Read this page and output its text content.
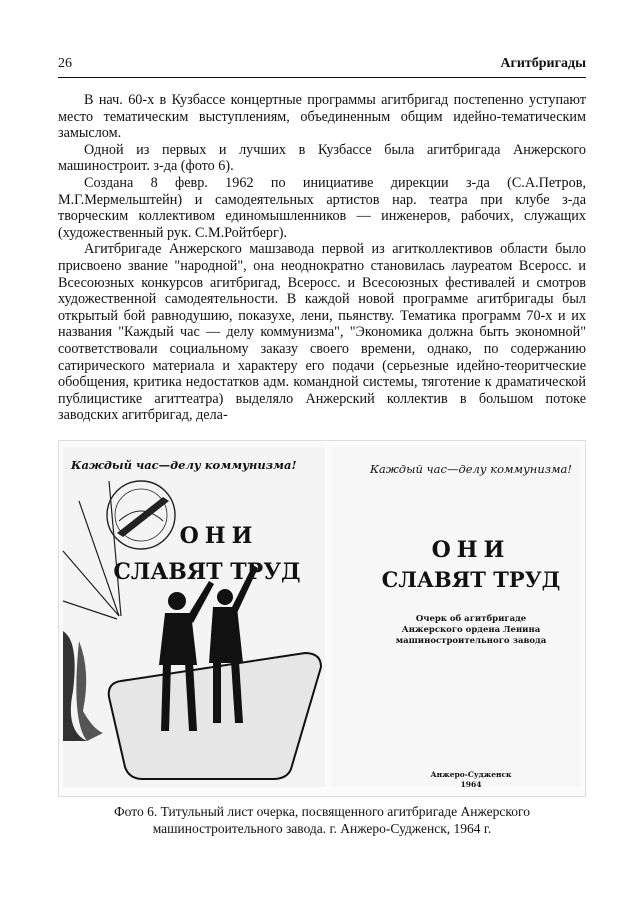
26	Агитбригады

В нач. 60-х в Кузбассе концертные программы агитбригад постепенно уступают место тематическим выступлениям, объединенным общим идейно-тематическим замыслом.

Одной из первых и лучших в Кузбассе была агитбригада Анжерского машиностроит. з-да (фото 6).

Создана 8 февр. 1962 по инициативе дирекции з-да (С.А.Петров, М.Г.Мермельштейн) и самодеятельных артистов нар. театра при клубе з-да творческим коллективом единомышленников — инженеров, рабочих, служащих (художественный рук. С.М.Ройтберг).

Агитбригаде Анжерского машзавода первой из агитколлективов области было присвоено звание "народной", она неоднократно становилась лауреатом Всеросс. и Всесоюзных конкурсов агитбригад, Всеросс. и Всесоюзных фестивалей и смотров художественной самодеятельности. В каждой новой программе агитбригады был открытый бой равнодушию, показухе, лени, пьянству. Тематика программ 70-х и их названия "Каждый час — делу коммунизма", "Экономика должна быть экономной" соответствовали социальному заказу своего времени, однако, по содержанию сатирического материала и характеру его подачи (серьезные идейно-теоритческие обобщения, критика недостатков адм. командной системы, тяготение к драматической публицистике агиттеатра) выделяло Анжерский коллектив в большом потоке заводских агитбригад, дела-

Каждый час—делу коммунизма!
ОНИ
СЛАВЯТ ТРУД
Каждый час—делу коммунизма!
ОНИ
СЛАВЯТ ТРУД
Очерк об агитбригаде
Анжерского ордена Ленина
машиностроительного завода
Анжеро-Судженск
1964
Фото 6. Титульный лист очерка, посвященного агитбригаде Анжерского
машиностроительного завода. г. Анжеро-Судженск, 1964 г.
